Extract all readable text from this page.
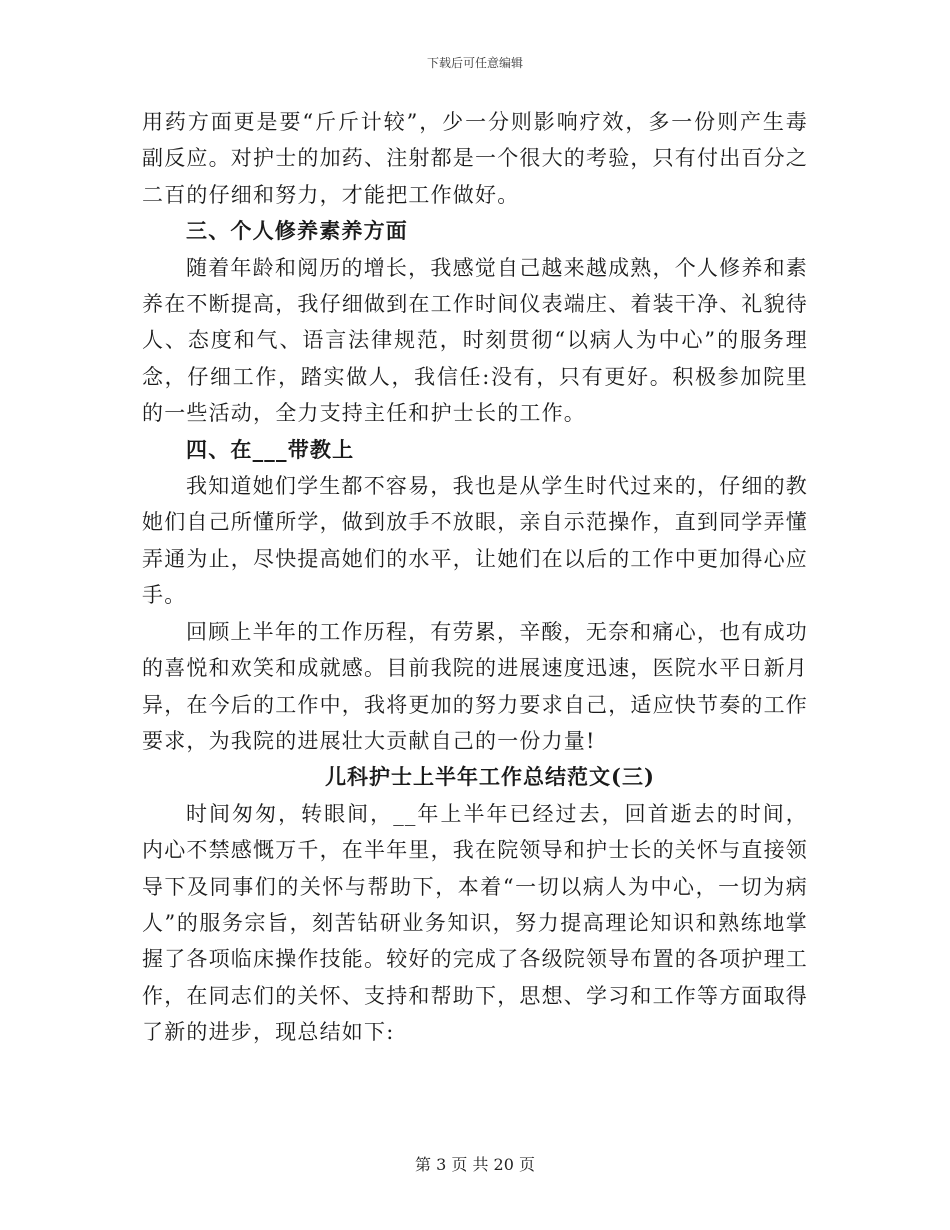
下载后可任意编辑

用药方面更是要“斤斤计较”，少一分则影响疗效，多一份则产生毒副反应。对护士的加药、注射都是一个很大的考验，只有付出百分之二百的仔细和努力，才能把工作做好。

三、个人修养素养方面

随着年龄和阅历的增长，我感觉自己越来越成熟，个人修养和素养在不断提高，我仔细做到在工作时间仪表端庄、着装干净、礼貌待人、态度和气、语言法律规范，时刻贯彻“以病人为中心”的服务理念，仔细工作，踏实做人，我信任:没有，只有更好。积极参加院里的一些活动，全力支持主任和护士长的工作。

四、在___带教上

我知道她们学生都不容易，我也是从学生时代过来的，仔细的教她们自己所懂所学，做到放手不放眼，亲自示范操作，直到同学弄懂弄通为止，尽快提高她们的水平，让她们在以后的工作中更加得心应手。

回顾上半年的工作历程，有劳累，辛酸，无奈和痛心，也有成功的喜悦和欢笑和成就感。目前我院的进展速度迅速，医院水平日新月异，在今后的工作中，我将更加的努力要求自己，适应快节奏的工作要求，为我院的进展壮大贡献自己的一份力量!

儿科护士上半年工作总结范文(三)

时间匆匆，转眼间，__年上半年已经过去，回首逝去的时间，内心不禁感慨万千，在半年里，我在院领导和护士长的关怀与直接领导下及同事们的关怀与帮助下，本着“一切以病人为中心，一切为病人”的服务宗旨，刻苦钻研业务知识，努力提高理论知识和熟练地掌握了各项临床操作技能。较好的完成了各级院领导布置的各项护理工作，在同志们的关怀、支持和帮助下，思想、学习和工作等方面取得了新的进步，现总结如下:

第 3 页 共 20 页
